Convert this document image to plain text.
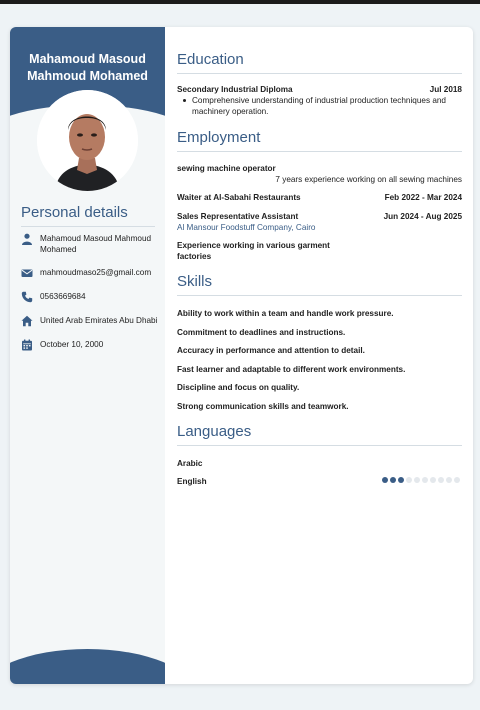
Mahamoud Masoud
Mahmoud Mohamed
Personal details
Mahamoud Masoud Mahmoud Mohamed
mahmoudmaso25@gmail.com
0563669684
United Arab Emirates Abu Dhabi
October 10, 2000
Education
Secondary Industrial Diploma	Jul 2018
Comprehensive understanding of industrial production techniques and machinery operation.
Employment
sewing machine operator
7 years experience working on all sewing machines
Waiter at Al-Sabahi Restaurants	Feb 2022 - Mar 2024
Sales Representative Assistant	Jun 2024 - Aug 2025
Al Mansour Foodstuff Company, Cairo
Experience working in various garment factories
Skills
Ability to work within a team and handle work pressure.
Commitment to deadlines and instructions.
Accuracy in performance and attention to detail.
Fast learner and adaptable to different work environments.
Discipline and focus on quality.
Strong communication skills and teamwork.
Languages
Arabic
English
